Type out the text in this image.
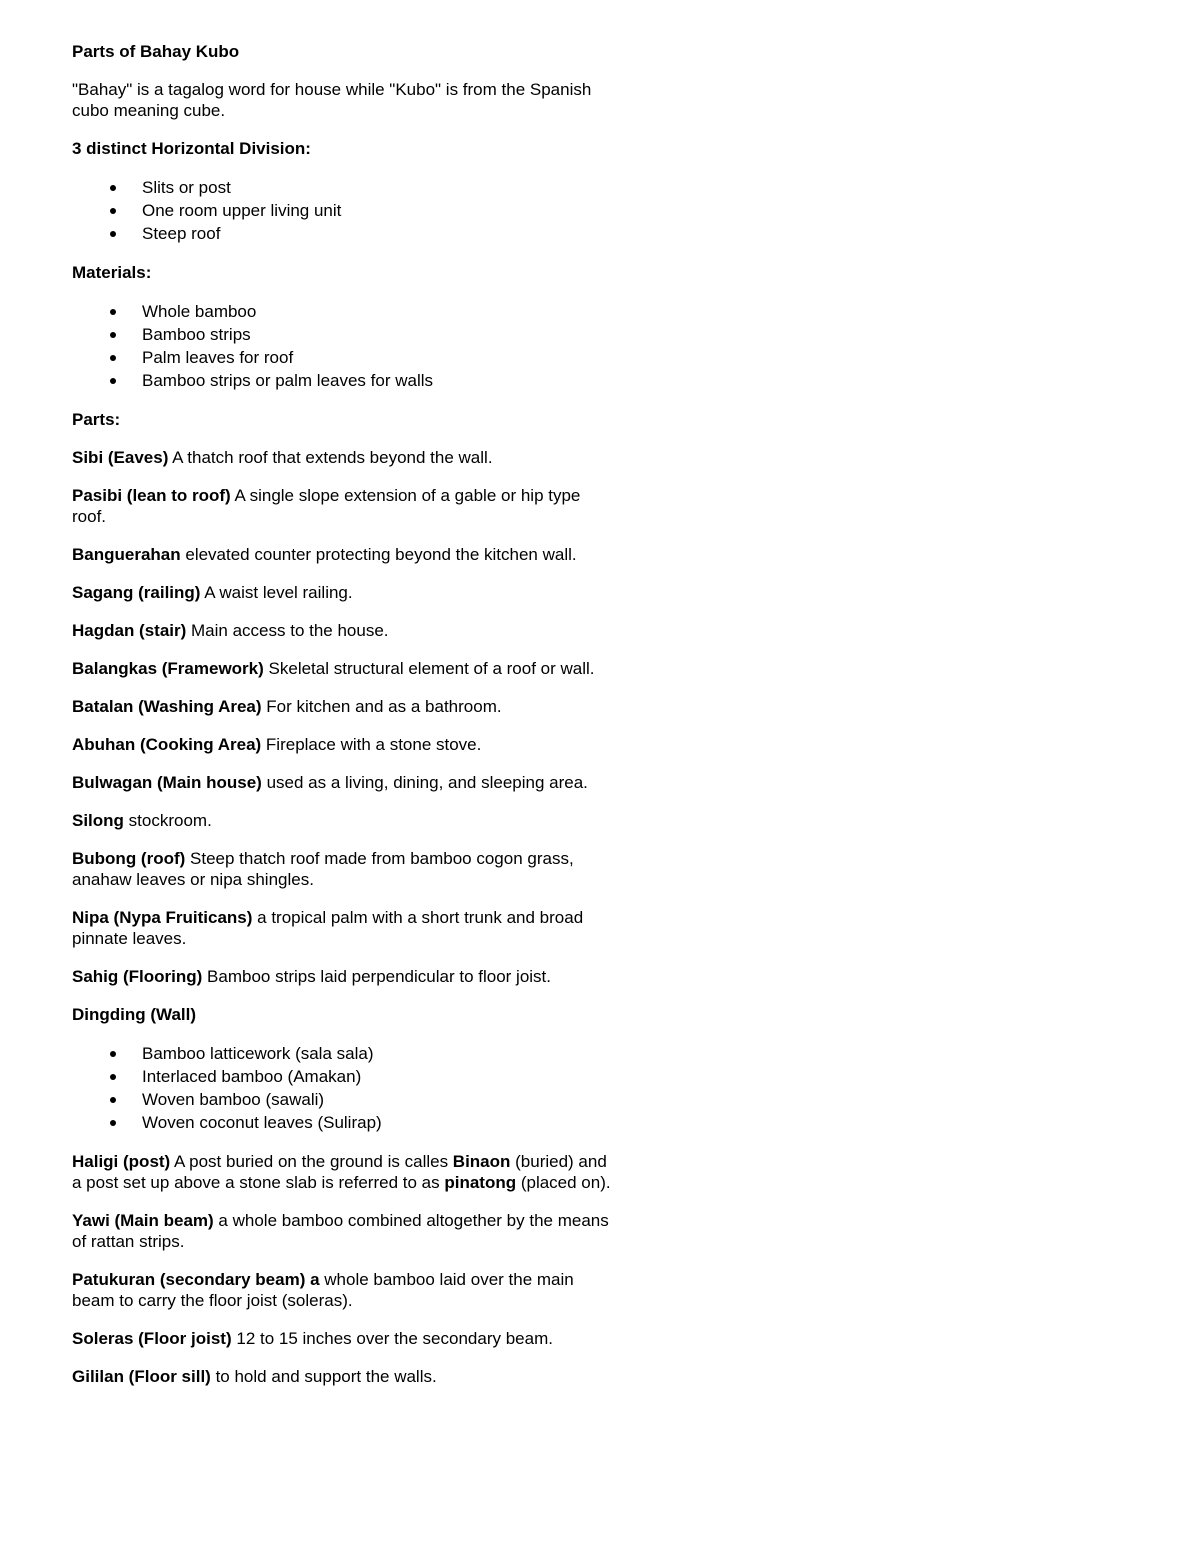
Parts of Bahay Kubo

"Bahay" is a tagalog word for house while "Kubo" is from the Spanish cubo meaning cube.

3 distinct Horizontal Division:

Slits or post
One room upper living unit
Steep roof

Materials:

Whole bamboo
Bamboo strips
Palm leaves for roof
Bamboo strips or palm leaves for walls

Parts:

Sibi (Eaves) A thatch roof that extends beyond the wall.

Pasibi (lean to roof) A single slope extension of a gable or hip type roof.

Banguerahan elevated counter protecting beyond the kitchen wall.

Sagang (railing) A waist level railing.

Hagdan (stair) Main access to the house.

Balangkas (Framework) Skeletal structural element of a roof or wall.

Batalan (Washing Area) For kitchen and as a bathroom.

Abuhan (Cooking Area) Fireplace with a stone stove.

Bulwagan (Main house) used as a living, dining, and sleeping area.

Silong stockroom.

Bubong (roof) Steep thatch roof made from bamboo cogon grass, anahaw leaves or nipa shingles.

Nipa (Nypa Fruiticans) a tropical palm with a short trunk and broad pinnate leaves.

Sahig (Flooring) Bamboo strips laid perpendicular to floor joist.

Dingding (Wall)

Bamboo latticework (sala sala)
Interlaced bamboo (Amakan)
Woven bamboo (sawali)
Woven coconut leaves (Sulirap)

Haligi (post) A post buried on the ground is calles Binaon (buried) and a post set up above a stone slab is referred to as pinatong (placed on).

Yawi (Main beam) a whole bamboo combined altogether by the means of rattan strips.

Patukuran (secondary beam) a whole bamboo laid over the main beam to carry the floor joist (soleras).

Soleras (Floor joist) 12 to 15 inches over the secondary beam.

Gililan (Floor sill) to hold and support the walls.
